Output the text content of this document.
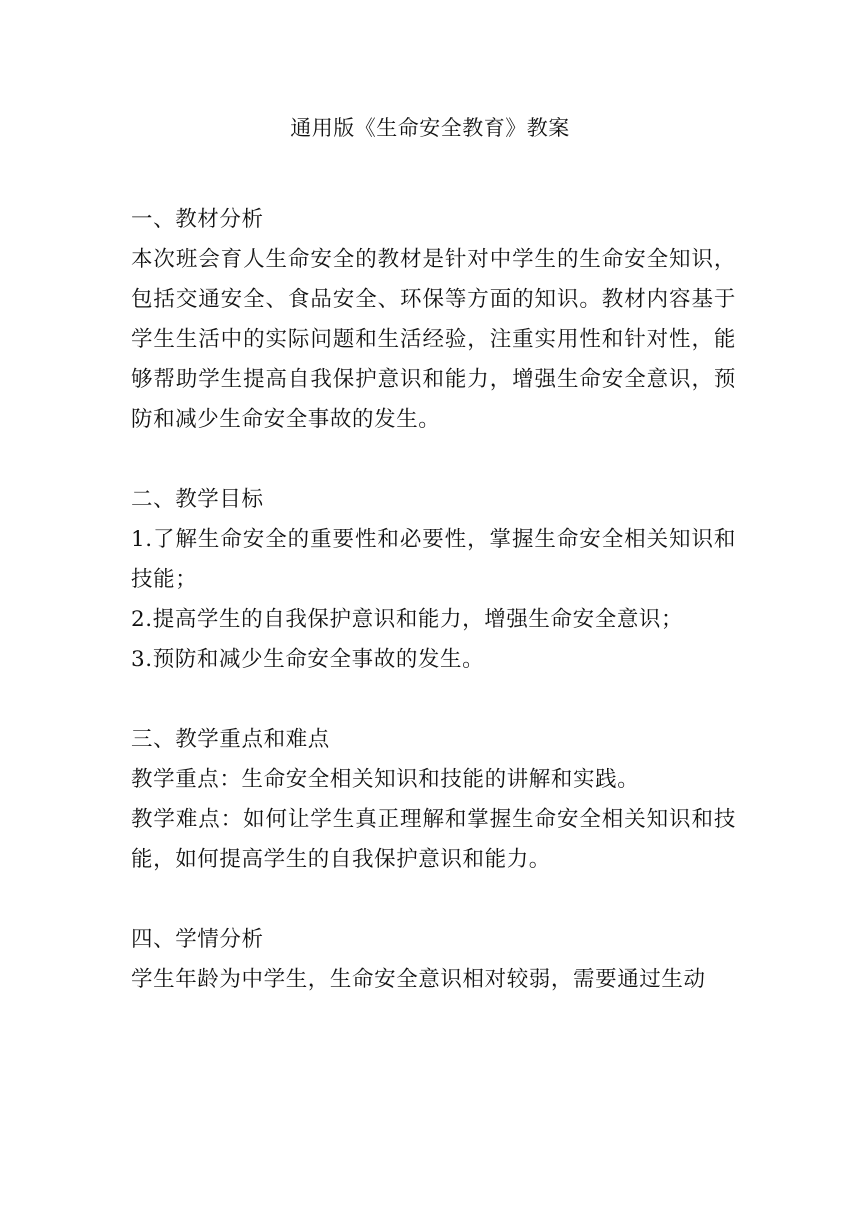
通用版《生命安全教育》教案

一、教材分析

本次班会育人生命安全的教材是针对中学生的生命安全知识，包括交通安全、食品安全、环保等方面的知识。教材内容基于学生生活中的实际问题和生活经验，注重实用性和针对性，能够帮助学生提高自我保护意识和能力，增强生命安全意识，预防和减少生命安全事故的发生。

二、教学目标

1.了解生命安全的重要性和必要性，掌握生命安全相关知识和技能；

2.提高学生的自我保护意识和能力，增强生命安全意识；

3.预防和减少生命安全事故的发生。

三、教学重点和难点

教学重点：生命安全相关知识和技能的讲解和实践。

教学难点：如何让学生真正理解和掌握生命安全相关知识和技能，如何提高学生的自我保护意识和能力。

四、学情分析

学生年龄为中学生，生命安全意识相对较弱，需要通过生动
